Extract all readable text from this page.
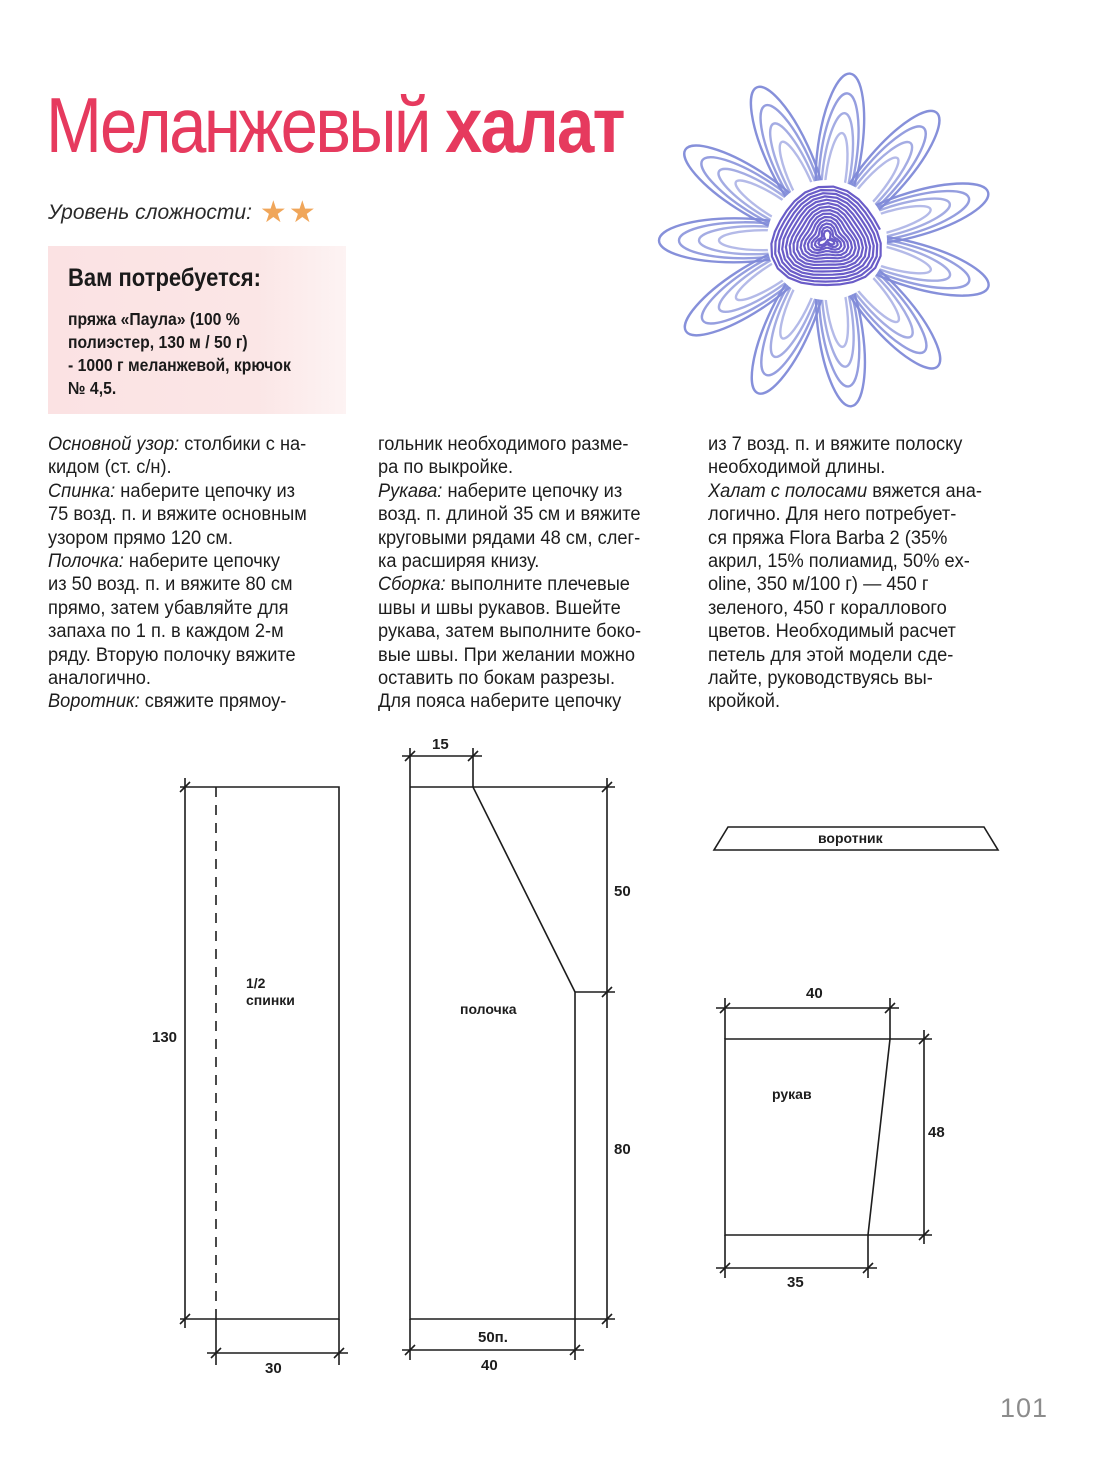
Меланжевый халат
Уровень сложности: ★ ★
Вам потребуется:
пряжа «Паула» (100 %
полиэстер, 130 м / 50 г)
- 1000 г меланжевой, крючок
№ 4,5.

Основной узор: столбики с на-

кидом (ст. с/н).

Спинка: наберите цепочку из

75 возд. п. и вяжите основным

узором прямо 120 см.

Полочка: наберите цепочку

из 50 возд. п. и вяжите 80 см

прямо, затем убавляйте для

запаха по 1 п. в каждом 2-м

ряду. Вторую полочку вяжите

аналогично.

Воротник: свяжите прямоу-

гольник необходимого разме-

ра по выкройке.

Рукава: наберите цепочку из

возд. п. длиной 35 см и вяжите

круговыми рядами 48 см, слег-

ка расширяя книзу.

Сборка: выполните плечевые

швы и швы рукавов. Вшейте

рукава, затем выполните боко-

вые швы. При желании можно

оставить по бокам разрезы.

Для пояса наберите цепочку

из 7 возд. п. и вяжите полоску

необходимой длины.

Халат с полосами вяжется ана-

логично. Для него потребует-

ся пряжа Flora Barba 2 (35%

акрил, 15% полиамид, 50% ex-

oline, 350 м/100 г) — 450 г

зеленого, 450 г кораллового

цветов. Необходимый расчет

петель для этой модели сде-

лайте, руководствуясь вы-

кройкой.

1/2
спинки
130
30
полочка
15
50
80
50п.
40
воротник
рукав
40
48
35
101
